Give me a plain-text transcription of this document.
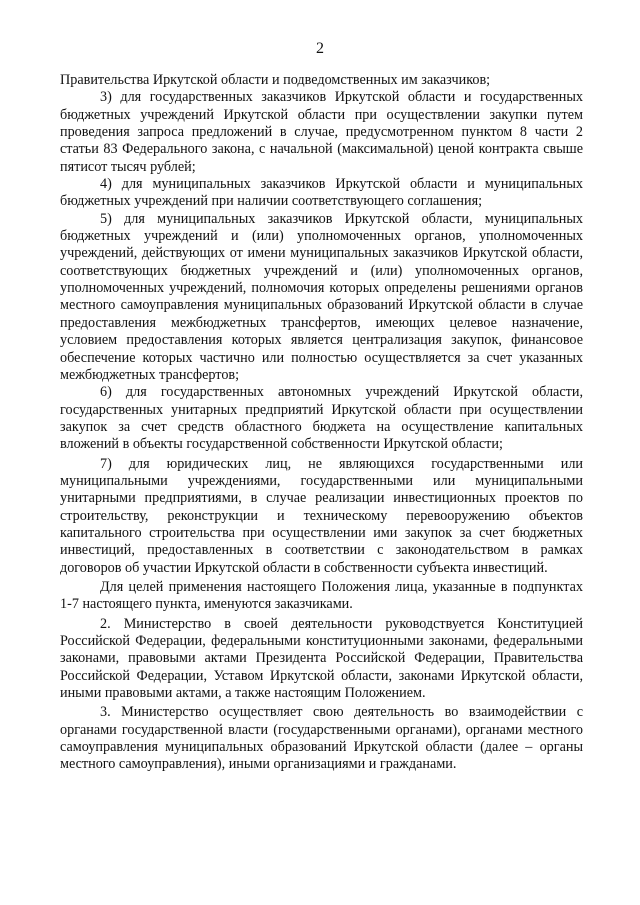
2

Правительства Иркутской области и подведомственных им заказчиков;

3) для государственных заказчиков Иркутской области и государственных бюджетных учреждений Иркутской области при осуществлении закупки путем проведения запроса предложений в случае, предусмотренном пунктом 8 части 2 статьи 83 Федерального закона, с начальной (максимальной) ценой контракта свыше пятисот тысяч рублей;

4) для муниципальных заказчиков Иркутской области и муниципальных бюджетных учреждений при наличии соответствующего соглашения;

5) для муниципальных заказчиков Иркутской области, муниципальных бюджетных учреждений и (или) уполномоченных органов, уполномоченных учреждений, действующих от имени муниципальных заказчиков Иркутской области, соответствующих бюджетных учреждений и (или) уполномоченных органов, уполномоченных учреждений, полномочия которых определены решениями органов местного самоуправления муниципальных образований Иркутской области в случае предоставления межбюджетных трансфертов, имеющих целевое назначение, условием предоставления которых является централизация закупок, финансовое обеспечение которых частично или полностью осуществляется за счет указанных межбюджетных трансфертов;

6) для государственных автономных учреждений Иркутской области, государственных унитарных предприятий Иркутской области при осуществлении закупок за счет средств областного бюджета на осуществление капитальных вложений в объекты государственной собственности Иркутской области;

7) для юридических лиц, не являющихся государственными или муниципальными учреждениями, государственными или муниципальными унитарными предприятиями, в случае реализации инвестиционных проектов по строительству, реконструкции и техническому перевооружению объектов капитального строительства при осуществлении ими закупок за счет бюджетных инвестиций, предоставленных в соответствии с законодательством в рамках договоров об участии Иркутской области в собственности субъекта инвестиций.

Для целей применения настоящего Положения лица, указанные в подпунктах 1-7 настоящего пункта, именуются заказчиками.

2. Министерство в своей деятельности руководствуется Конституцией Российской Федерации, федеральными конституционными законами, федеральными законами, правовыми актами Президента Российской Федерации, Правительства Российской Федерации, Уставом Иркутской области, законами Иркутской области, иными правовыми актами, а также настоящим Положением.

3. Министерство осуществляет свою деятельность во взаимодействии с органами государственной власти (государственными органами), органами местного самоуправления муниципальных образований Иркутской области (далее – органы местного самоуправления), иными организациями и гражданами.
